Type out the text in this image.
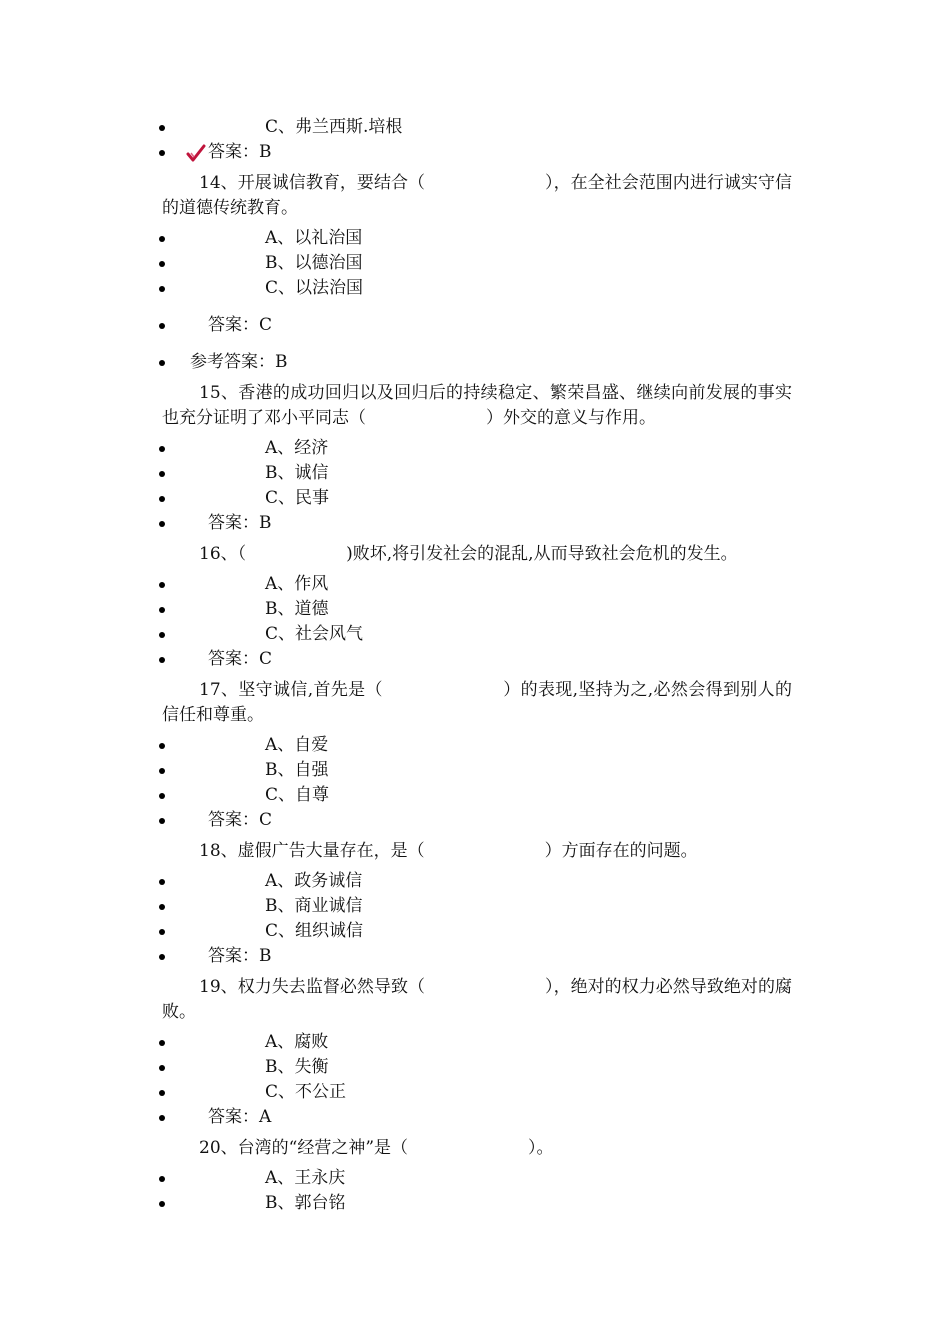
C、弗兰西斯.培根
答案：B
14、开展诚信教育，要结合（	），在全社会范围内进行诚实守信的道德传统教育。
A、以礼治国
B、以德治国
C、以法治国
答案：C
参考答案：B
15、香港的成功回归以及回归后的持续稳定、繁荣昌盛、继续向前发展的事实也充分证明了邓小平同志（	）外交的意义与作用。
A、经济
B、诚信
C、民事
答案：B
16、（	)败坏,将引发社会的混乱,从而导致社会危机的发生。
A、作风
B、道德
C、社会风气
答案：C
17、坚守诚信,首先是（	）的表现,坚持为之,必然会得到别人的信任和尊重。
A、自爱
B、自强
C、自尊
答案：C
18、虚假广告大量存在，是（	）方面存在的问题。
A、政务诚信
B、商业诚信
C、组织诚信
答案：B
19、权力失去监督必然导致（	），绝对的权力必然导致绝对的腐败。
A、腐败
B、失衡
C、不公正
答案：A
20、台湾的“经营之神”是（	）。
A、王永庆
B、郭台铭
